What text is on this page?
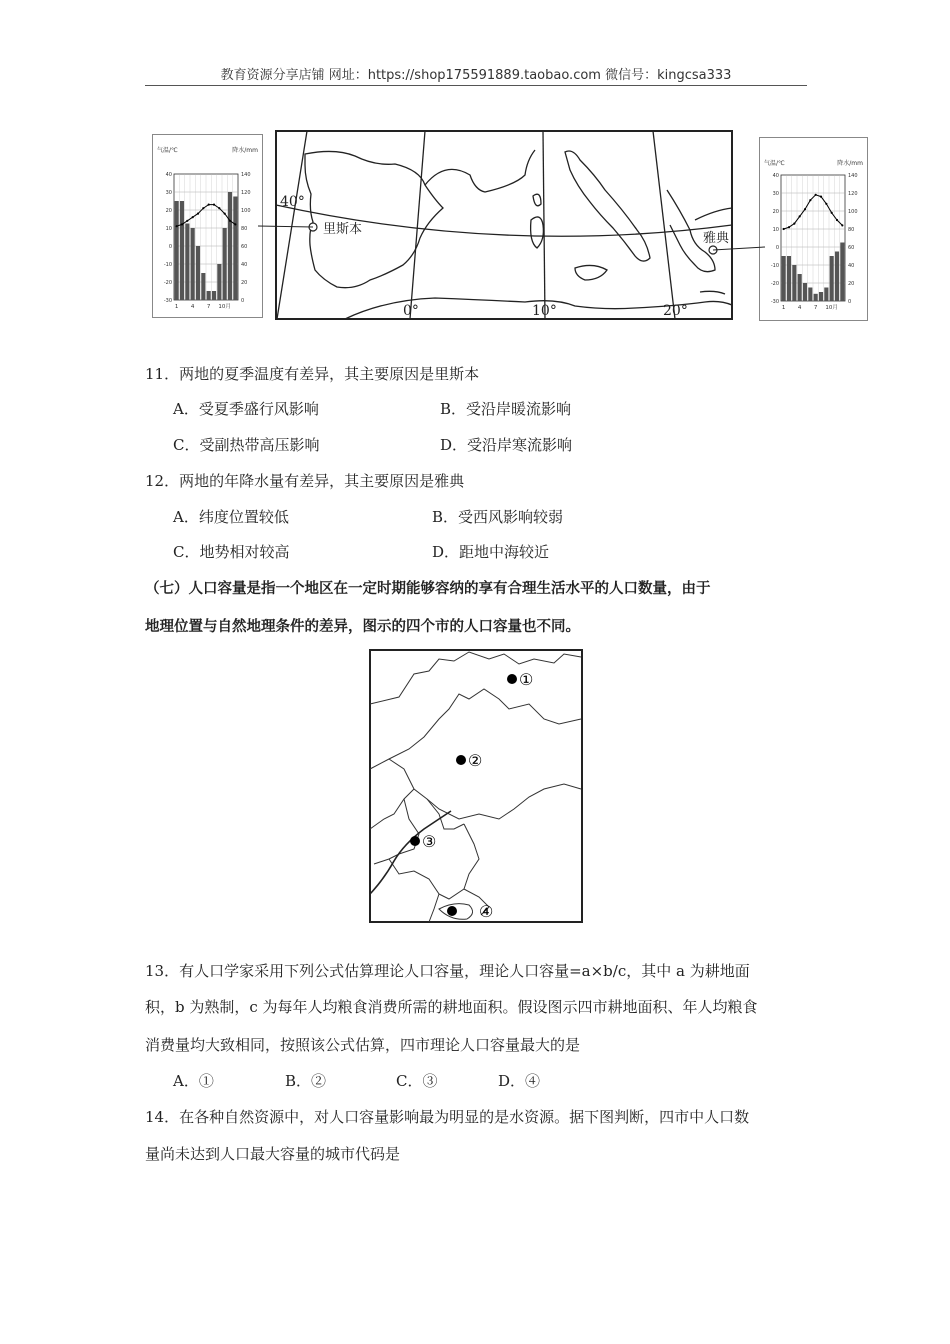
教育资源分享店铺 网址：https://shop175591889.taobao.com 微信号：kingcsa333
气温/℃	降水/mm
40
30
20
10
0
-10
-20
-30
140
120
100
80
60
40
20
0
1 4 7 10月
气温/℃	降水/mm
40
30
20
10
0
-10
-20
-30
140
120
100
80
60
40
20
0
1 4 7 10月
40°
里斯本
雅典
0°	10°	20°
11．两地的夏季温度有差异，其主要原因是里斯本
A．受夏季盛行风影响	B．受沿岸暖流影响
C．受副热带高压影响	D．受沿岸寒流影响
12．两地的年降水量有差异，其主要原因是雅典
A．纬度位置较低	B．受西风影响较弱
C．地势相对较高	D．距地中海较近
（七）人口容量是指一个地区在一定时期能够容纳的享有合理生活水平的人口数量，由于
地理位置与自然地理条件的差异，图示的四个市的人口容量也不同。
①
②
③
④
13．有人口学家采用下列公式估算理论人口容量，理论人口容量=a×b/c，其中 a 为耕地面
积，b 为熟制，c 为每年人均粮食消费所需的耕地面积。假设图示四市耕地面积、年人均粮食
消费量均大致相同，按照该公式估算，四市理论人口容量最大的是
A．①	B．②	C．③	D．④
14．在各种自然资源中，对人口容量影响最为明显的是水资源。据下图判断，四市中人口数
量尚未达到人口最大容量的城市代码是
